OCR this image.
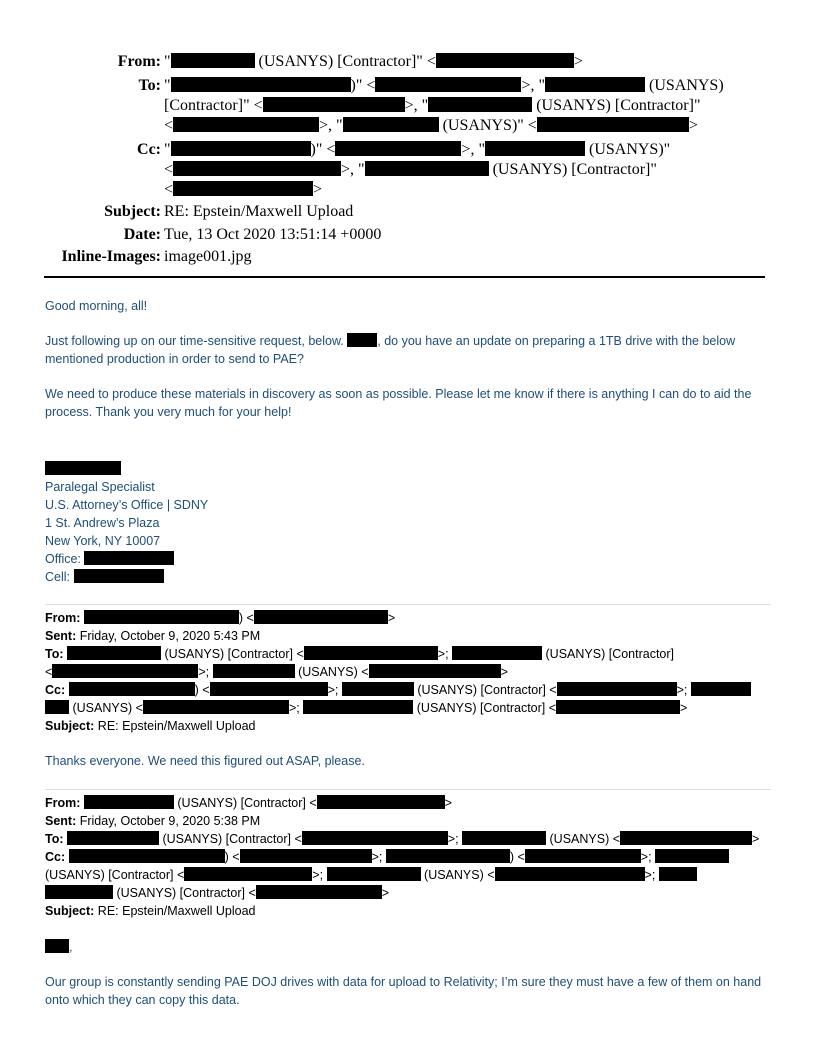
From: "	(USANYS) [Contractor]" <	>
To: "	)" <	>, "	(USANYS)
[Contractor]" <	>, "	(USANYS) [Contractor]"
<	>, "	(USANYS)" <	>
Cc: "	)" <	>, "	(USANYS)"
<	>, "	(USANYS) [Contractor]"
<	>
Subject: RE: Epstein/Maxwell Upload
Date: Tue, 13 Oct 2020 13:51:14 +0000
Inline-Images: image001.jpg

Good morning, all!

Just following up on our time-sensitive request, below. , do you have an update on preparing a 1TB drive with the below mentioned production in order to send to PAE?

We need to produce these materials in discovery as soon as possible. Please let me know if there is anything I can do to aid the process. Thank you very much for your help!

Paralegal Specialist

U.S. Attorney’s Office | SDNY

1 St. Andrew’s Plaza

New York, NY 10007

Office:

Cell:

From:	) <	>
Sent: Friday, October 9, 2020 5:43 PM
To:	(USANYS) [Contractor] <	>;	(USANYS) [Contractor]
<	>;	(USANYS) <	>
Cc:	) <	>;	(USANYS) [Contractor] <	>;
(USANYS) <	>;	(USANYS) [Contractor] <	>
Subject: RE: Epstein/Maxwell Upload

Thanks everyone. We need this figured out ASAP, please.

From:	(USANYS) [Contractor] <	>
Sent: Friday, October 9, 2020 5:38 PM
To:	(USANYS) [Contractor] <	>;	(USANYS) <	>
Cc:	) <	>;	) <	>;
(USANYS) [Contractor] <	>;	(USANYS) <	>;
(USANYS) [Contractor] <	>
Subject: RE: Epstein/Maxwell Upload

,

Our group is constantly sending PAE DOJ drives with data for upload to Relativity; I’m sure they must have a few of them on hand onto which they can copy this data.
